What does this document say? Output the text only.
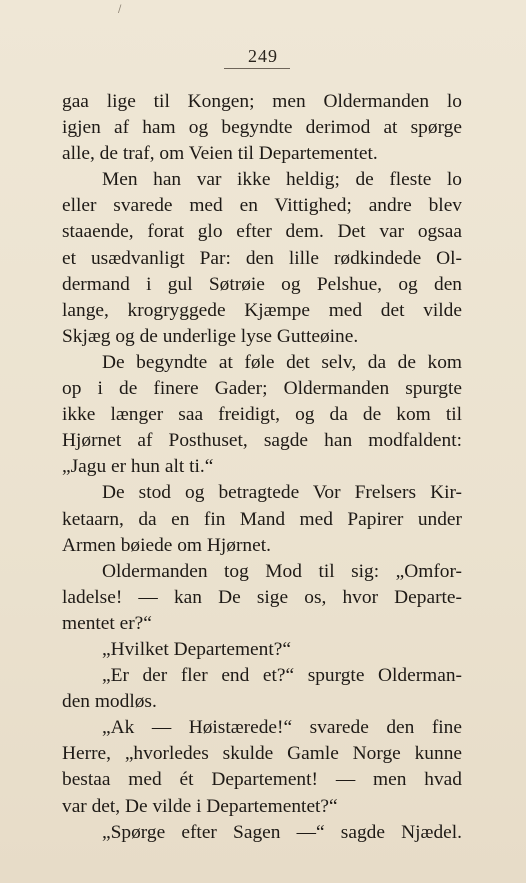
/
249
gaa lige til Kongen; men Oldermanden lo
igjen af ham og begyndte derimod at spørge
alle, de traf, om Veien til Departementet.
Men han var ikke heldig; de fleste lo
eller svarede med en Vittighed; andre blev
staaende, forat glo efter dem. Det var ogsaa
et usædvanligt Par: den lille rødkindede Ol-
dermand i gul Søtrøie og Pelshue, og den
lange, krogryggede Kjæmpe med det vilde
Skjæg og de underlige lyse Gutteøine.
De begyndte at føle det selv, da de kom
op i de finere Gader; Oldermanden spurgte
ikke længer saa freidigt, og da de kom til
Hjørnet af Posthuset, sagde han modfaldent:
„Jagu er hun alt ti.“
De stod og betragtede Vor Frelsers Kir-
ketaarn, da en fin Mand med Papirer under
Armen bøiede om Hjørnet.
Oldermanden tog Mod til sig: „Omfor-
ladelse! — kan De sige os, hvor Departe-
mentet er?“
„Hvilket Departement?“
„Er der fler end et?“ spurgte Olderman-
den modløs.
„Ak — Høistærede!“ svarede den fine
Herre, „hvorledes skulde Gamle Norge kunne
bestaa med ét Departement! — men hvad
var det, De vilde i Departementet?“
„Spørge efter Sagen —“ sagde Njædel.
